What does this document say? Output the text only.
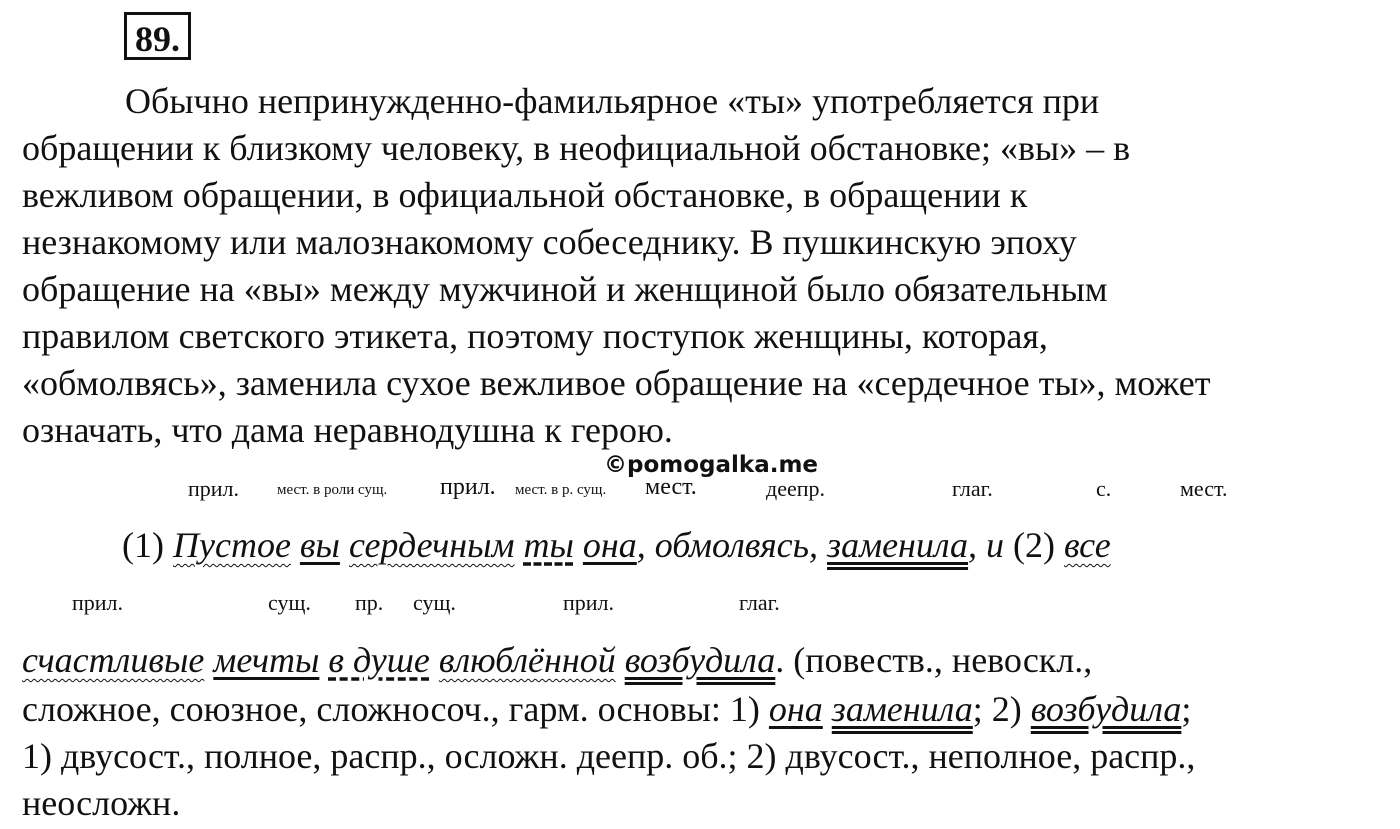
89.

Обычно непринужденно-фамильярное «ты» употребляется при
обращении к близкому человеку, в неофициальной обстановке; «вы» – в
вежливом обращении, в официальной обстановке, в обращении к
незнакомому или малознакомому собеседнику. В пушкинскую эпоху
обращение на «вы» между мужчиной и женщиной было обязательным
правилом светского этикета, поэтому поступок женщины, которая,
«обмолвясь», заменила сухое вежливое обращение на «сердечное ты», может
означать, что дама неравнодушна к герою.

©pomogalka.me
прил.	мест. в роли сущ. прил. мест. в р. сущ. мест.	деепр.	глаг.	с.	мест.
(1) Пустое вы сердечным ты она, обмолвясь, заменила, и (2) все
прил.	сущ. пр. сущ.	прил.	глаг.
счастливые мечты в душе влюблённой возбудила. (повеств., невоскл.,
сложное, союзное, сложносоч., гарм. основы: 1) она заменила; 2) возбудила;
1) двусост., полное, распр., осложн. деепр. об.; 2) двусост., неполное, распр.,
неосложн.
